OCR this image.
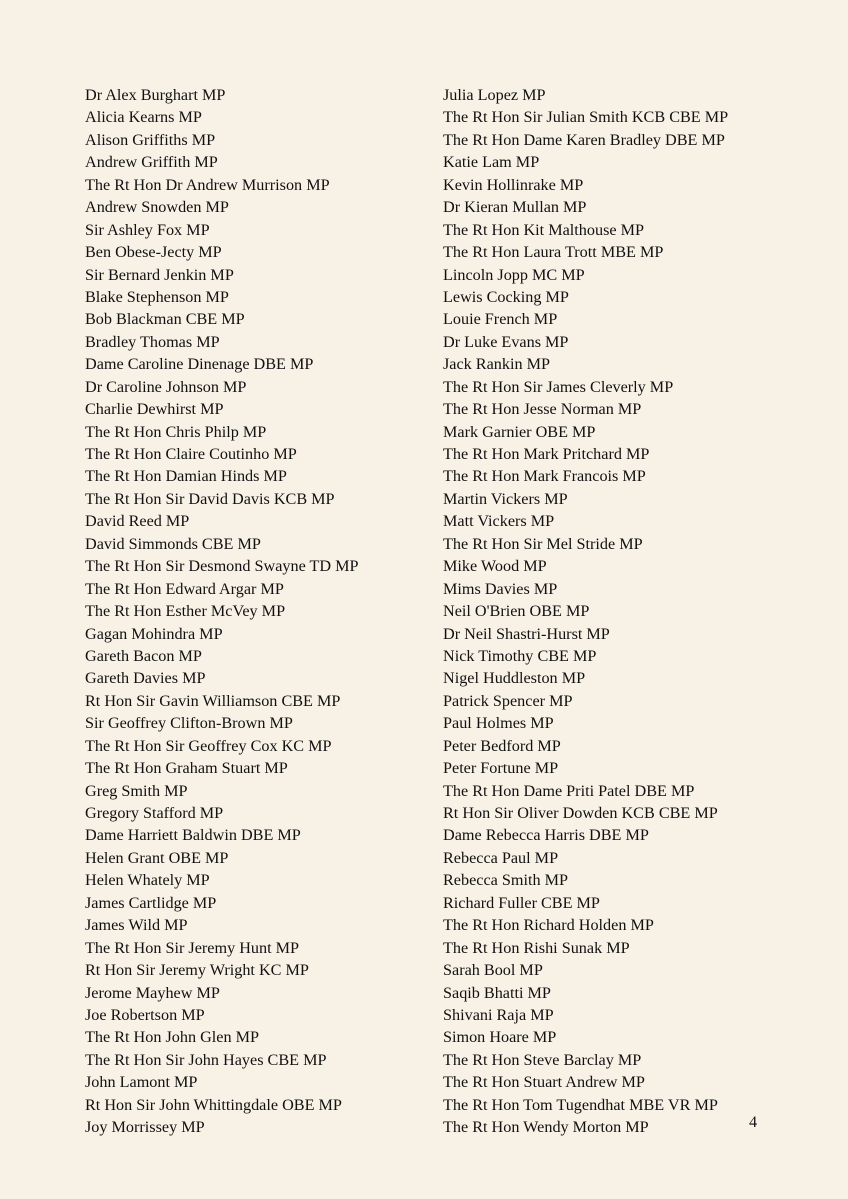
Dr Alex Burghart MP
Alicia Kearns MP
Alison Griffiths MP
Andrew Griffith MP
The Rt Hon Dr Andrew Murrison MP
Andrew Snowden MP
Sir Ashley Fox MP
Ben Obese-Jecty MP
Sir Bernard Jenkin MP
Blake Stephenson MP
Bob Blackman CBE MP
Bradley Thomas MP
Dame Caroline Dinenage DBE MP
Dr Caroline Johnson MP
Charlie Dewhirst MP
The Rt Hon Chris Philp MP
The Rt Hon Claire Coutinho MP
The Rt Hon Damian Hinds MP
The Rt Hon Sir David Davis KCB MP
David Reed MP
David Simmonds CBE MP
The Rt Hon Sir Desmond Swayne TD MP
The Rt Hon Edward Argar MP
The Rt Hon Esther McVey MP
Gagan Mohindra MP
Gareth Bacon MP
Gareth Davies MP
Rt Hon Sir Gavin Williamson CBE MP
Sir Geoffrey Clifton-Brown MP
The Rt Hon Sir Geoffrey Cox KC MP
The Rt Hon Graham Stuart MP
Greg Smith MP
Gregory Stafford MP
Dame Harriett Baldwin DBE MP
Helen Grant OBE MP
Helen Whately MP
James Cartlidge MP
James Wild MP
The Rt Hon Sir Jeremy Hunt MP
Rt Hon Sir Jeremy Wright KC MP
Jerome Mayhew MP
Joe Robertson MP
The Rt Hon John Glen MP
The Rt Hon Sir John Hayes CBE MP
John Lamont MP
Rt Hon Sir John Whittingdale OBE MP
Joy Morrissey MP
Julia Lopez MP
The Rt Hon Sir Julian Smith KCB CBE MP
The Rt Hon Dame Karen Bradley DBE MP
Katie Lam MP
Kevin Hollinrake MP
Dr Kieran Mullan MP
The Rt Hon Kit Malthouse MP
The Rt Hon Laura Trott MBE MP
Lincoln Jopp MC MP
Lewis Cocking MP
Louie French MP
Dr Luke Evans MP
Jack Rankin MP
The Rt Hon Sir James Cleverly MP
The Rt Hon Jesse Norman MP
Mark Garnier OBE MP
The Rt Hon Mark Pritchard MP
The Rt Hon Mark Francois MP
Martin Vickers MP
Matt Vickers MP
The Rt Hon Sir Mel Stride MP
Mike Wood MP
Mims Davies MP
Neil O'Brien OBE MP
Dr Neil Shastri-Hurst MP
Nick Timothy CBE MP
Nigel Huddleston MP
Patrick Spencer MP
Paul Holmes MP
Peter Bedford MP
Peter Fortune MP
The Rt Hon Dame Priti Patel DBE MP
Rt Hon Sir Oliver Dowden KCB CBE MP
Dame Rebecca Harris DBE MP
Rebecca Paul MP
Rebecca Smith MP
Richard Fuller CBE MP
The Rt Hon Richard Holden MP
The Rt Hon Rishi Sunak MP
Sarah Bool MP
Saqib Bhatti MP
Shivani Raja MP
Simon Hoare MP
The Rt Hon Steve Barclay MP
The Rt Hon Stuart Andrew MP
The Rt Hon Tom Tugendhat MBE VR MP
The Rt Hon Wendy Morton MP	4
